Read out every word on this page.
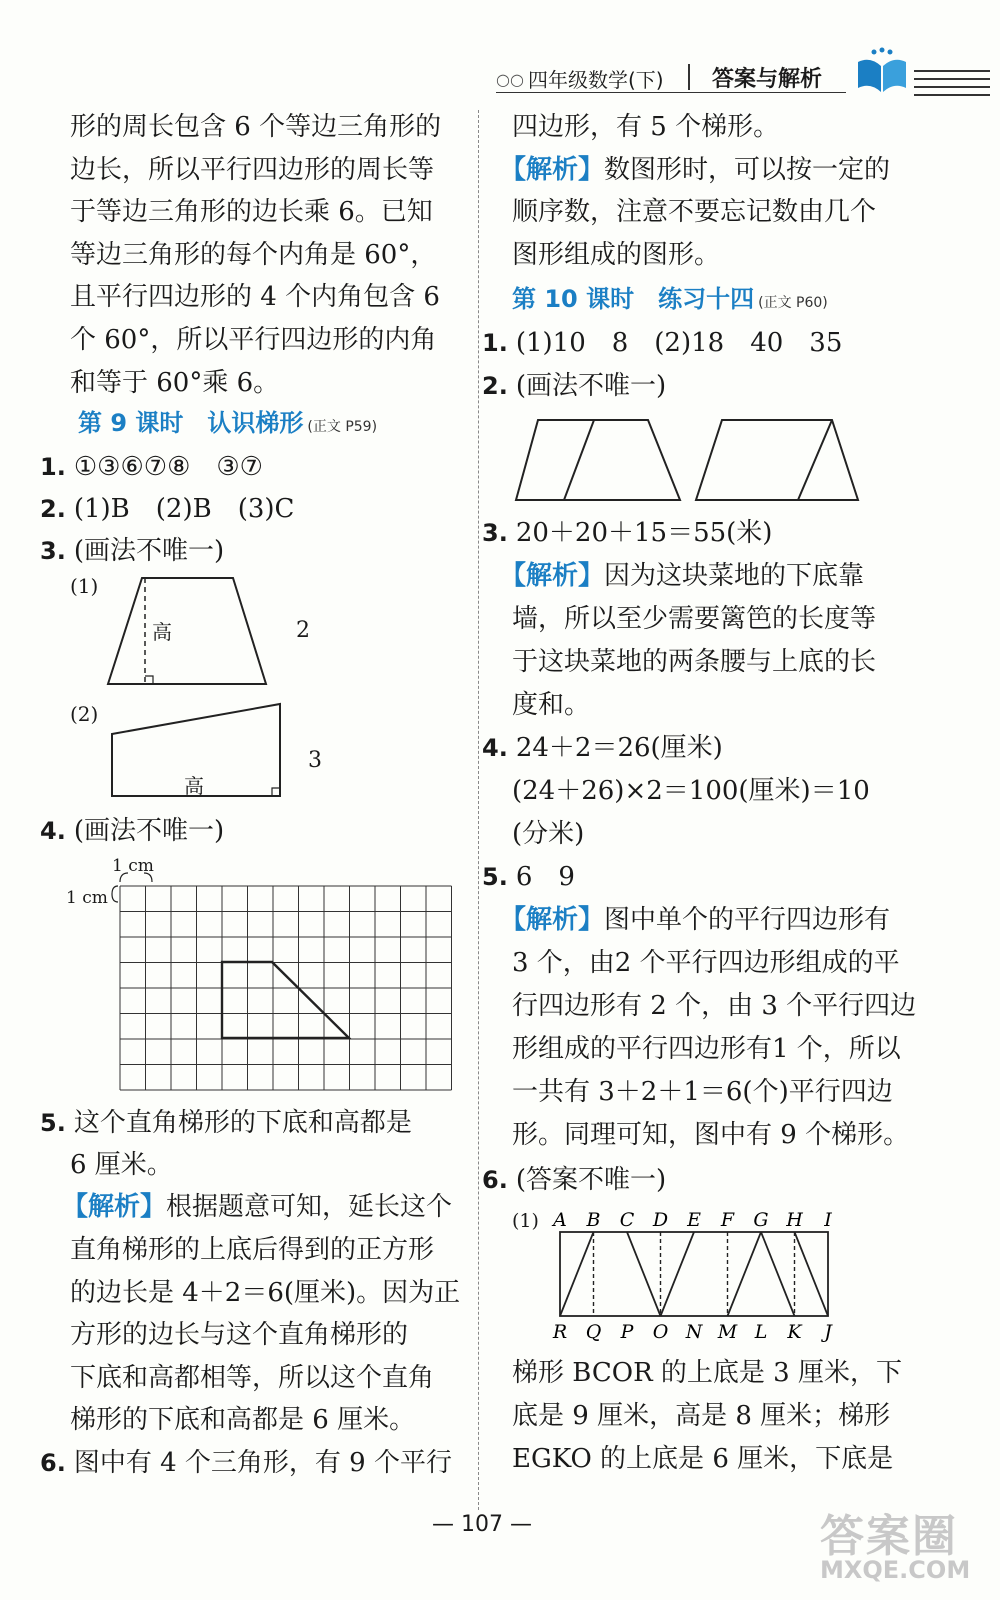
○○ 四年级数学(下) 答案与解析
形的周长包含 6 个等边三角形的
边长，所以平行四边形的周长等
于等边三角形的边长乘 6。已知
等边三角形的每个内角是 60°，
且平行四边形的 4 个内角包含 6
个 60°，所以平行四边形的内角
和等于 60°乘 6。
第 9 课时　认识梯形 (正文 P59)
1. ①③⑥⑦⑧　③⑦
2. (1)B　(2)B　(3)C
3. (画法不唯一)
(1)
高	2
(2)
高
3
4. (画法不唯一)
1 cm
1 cm
5. 这个直角梯形的下底和高都是
6 厘米。
【解析】根据题意可知，延长这个
直角梯形的上底后得到的正方形
的边长是 4＋2＝6(厘米)。因为正
方形的边长与这个直角梯形的
下底和高都相等，所以这个直角
梯形的下底和高都是 6 厘米。
6. 图中有 4 个三角形，有 9 个平行
四边形，有 5 个梯形。
【解析】数图形时，可以按一定的
顺序数，注意不要忘记数由几个
图形组成的图形。
第 10 课时　练习十四 (正文 P60)
1. (1)10　8　(2)18　40　35
2. (画法不唯一)
3. 20＋20＋15＝55(米)
【解析】因为这块菜地的下底靠
墙，所以至少需要篱笆的长度等
于这块菜地的两条腰与上底的长
度和。
4. 24＋2＝26(厘米)
(24＋26)×2＝100(厘米)＝10
(分米)
5. 6　9
【解析】图中单个的平行四边形有
3 个，由2 个平行四边形组成的平
行四边形有 2 个，由 3 个平行四边
形组成的平行四边形有1 个，所以
一共有 3＋2＋1＝6(个)平行四边
形。同理可知，图中有 9 个梯形。
6. (答案不唯一)
(1) A B C D E F G H I
R Q P O N M L K J
梯形 BCOR 的上底是 3 厘米，下
底是 9 厘米，高是 8 厘米；梯形
EGKO 的上底是 6 厘米，下底是
— 107 —	答案圈
MXQE.COM
